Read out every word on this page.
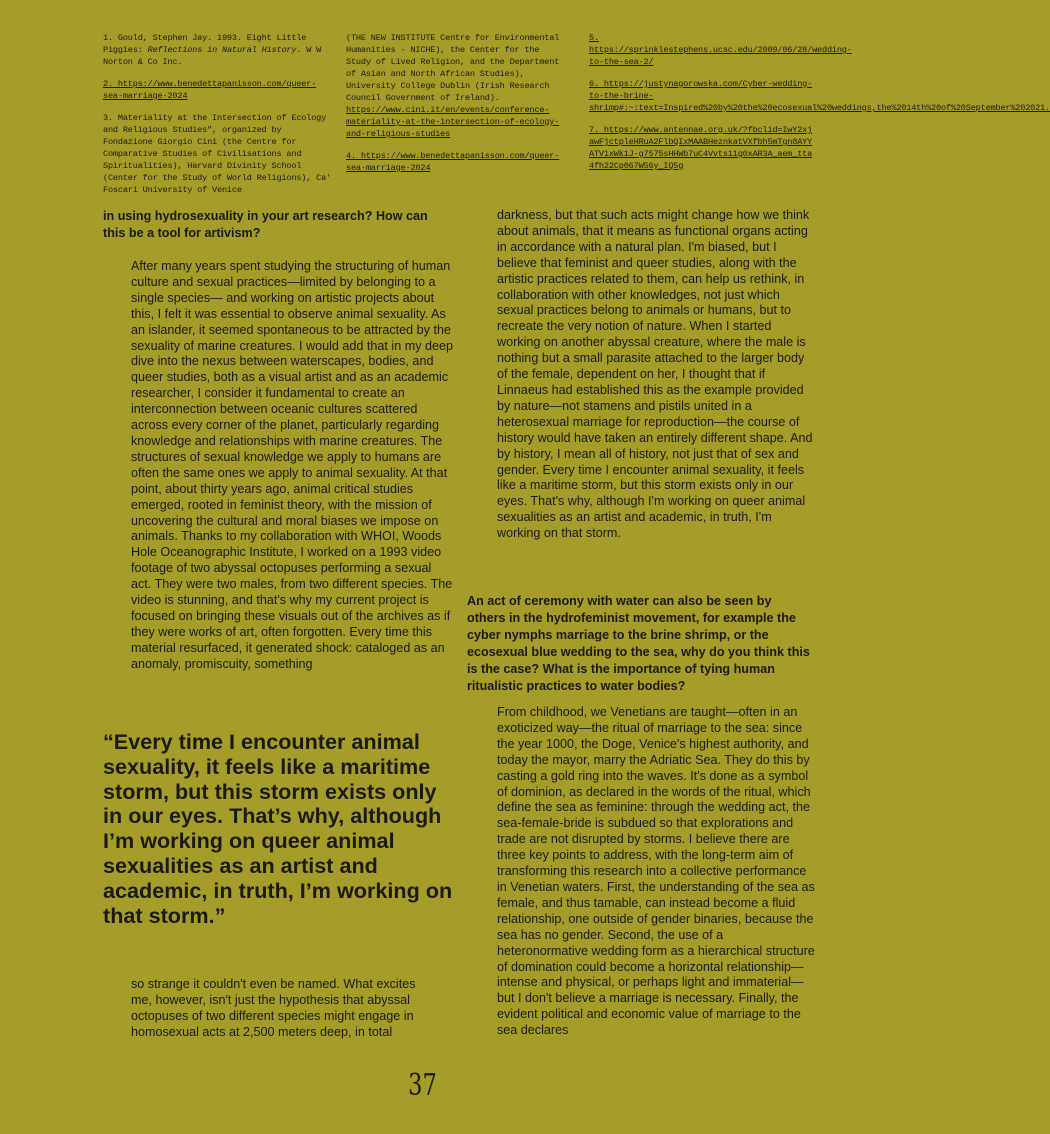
1. Gould, Stephen Jay. 1993. Eight Little Piggies: Reflections in Natural History. W W Norton & Co Inc.

2. https://www.benedettapanisson.com/queer-sea-marriage-2024

3. Materiality at the Intersection of Ecology and Religious Studies", organized by Fondazione Giorgio Cini (the Centre for Comparative Studies of Civilisations and Spiritualities), Harvard Divinity School (Center for the Study of World Religions), Ca' Foscari University of Venice

(THE NEW INSTITUTE Centre for Environmental Humanities - NICHE), the Center for the Study of Lived Religion, and the Department of Asian and North African Studies), University College Dublin (Irish Research Council Government of Ireland). https://www.cini.it/en/events/conference-materiality-at-the-intersection-of-ecology-and-religious-studies

4. https://www.benedettapanisson.com/queer-sea-marriage-2024

5. https://sprinklestephens.ucsc.edu/2009/06/28/wedding-to-the-sea-2/

6. https://justynagorowska.com/Cyber-wedding-to-the-brine-shrimp#:~:text=Inspired%20by%20the%20ecosexual%20weddings,the%2014th%20of%20September%202021.

7. https://www.antennae.org.uk/?fbclid=IwY2xjawFjctpleHRuA2FlbQIxMAABHeznkatVXfbh5mTgn8AYYATV1xWk1J-g7575sHHWb7uC4Vvts11g0xAR3A_aem_tta4fh22Cp067W56y_IQ5g

in using hydrosexuality in your art research? How can this be a tool for artivism?

After many years spent studying the structuring of human culture and sexual practices—limited by belonging to a single species— and working on artistic projects about this, I felt it was essential to observe animal sexuality. As an islander, it seemed spontaneous to be attracted by the sexuality of marine creatures. I would add that in my deep dive into the nexus between waterscapes, bodies, and queer studies, both as a visual artist and as an academic researcher, I consider it fundamental to create an interconnection between oceanic cultures scattered across every corner of the planet, particularly regarding knowledge and relationships with marine creatures. The structures of sexual knowledge we apply to humans are often the same ones we apply to animal sexuality. At that point, about thirty years ago, animal critical studies emerged, rooted in feminist theory, with the mission of uncovering the cultural and moral biases we impose on animals. Thanks to my collaboration with WHOI, Woods Hole Oceanographic Institute, I worked on a 1993 video footage of two abyssal octopuses performing a sexual act. They were two males, from two different species. The video is stunning, and that's why my current project is focused on bringing these visuals out of the archives as if they were works of art, often forgotten. Every time this material resurfaced, it generated shock: cataloged as an anomaly, promiscuity, something

“Every time I encounter animal sexuality, it feels like a maritime storm, but this storm exists only in our eyes. That’s why, although I’m working on queer animal sexualities as an artist and academic, in truth, I’m working on that storm.”

so strange it couldn't even be named. What excites me, however, isn't just the hypothesis that abyssal octopuses of two different species might engage in homosexual acts at 2,500 meters deep, in total

darkness, but that such acts might change how we think about animals, that it means as functional organs acting in accordance with a natural plan. I'm biased, but I believe that feminist and queer studies, along with the artistic practices related to them, can help us rethink, in collaboration with other knowledges, not just which sexual practices belong to animals or humans, but to recreate the very notion of nature. When I started working on another abyssal creature, where the male is nothing but a small parasite attached to the larger body of the female, dependent on her, I thought that if Linnaeus had established this as the example provided by nature—not stamens and pistils united in a heterosexual marriage for reproduction—the course of history would have taken an entirely different shape. And by history, I mean all of history, not just that of sex and gender. Every time I encounter animal sexuality, it feels like a maritime storm, but this storm exists only in our eyes. That's why, although I'm working on queer animal sexualities as an artist and academic, in truth, I'm working on that storm.

An act of ceremony with water can also be seen by others in the hydrofeminist movement, for example the cyber nymphs marriage to the brine shrimp, or the ecosexual blue wedding to the sea, why do you think this is the case? What is the importance of tying human ritualistic practices to water bodies?

From childhood, we Venetians are taught—often in an exoticized way—the ritual of marriage to the sea: since the year 1000, the Doge, Venice's highest authority, and today the mayor, marry the Adriatic Sea. They do this by casting a gold ring into the waves. It's done as a symbol of dominion, as declared in the words of the ritual, which define the sea as feminine: through the wedding act, the sea-female-bride is subdued so that explorations and trade are not disrupted by storms. I believe there are three key points to address, with the long-term aim of transforming this research into a collective performance in Venetian waters. First, the understanding of the sea as female, and thus tamable, can instead become a fluid relationship, one outside of gender binaries, because the sea has no gender. Second, the use of a heteronormative wedding form as a hierarchical structure of domination could become a horizontal relationship—intense and physical, or perhaps light and immaterial—but I don't believe a marriage is necessary. Finally, the evident political and economic value of marriage to the sea declares

37
